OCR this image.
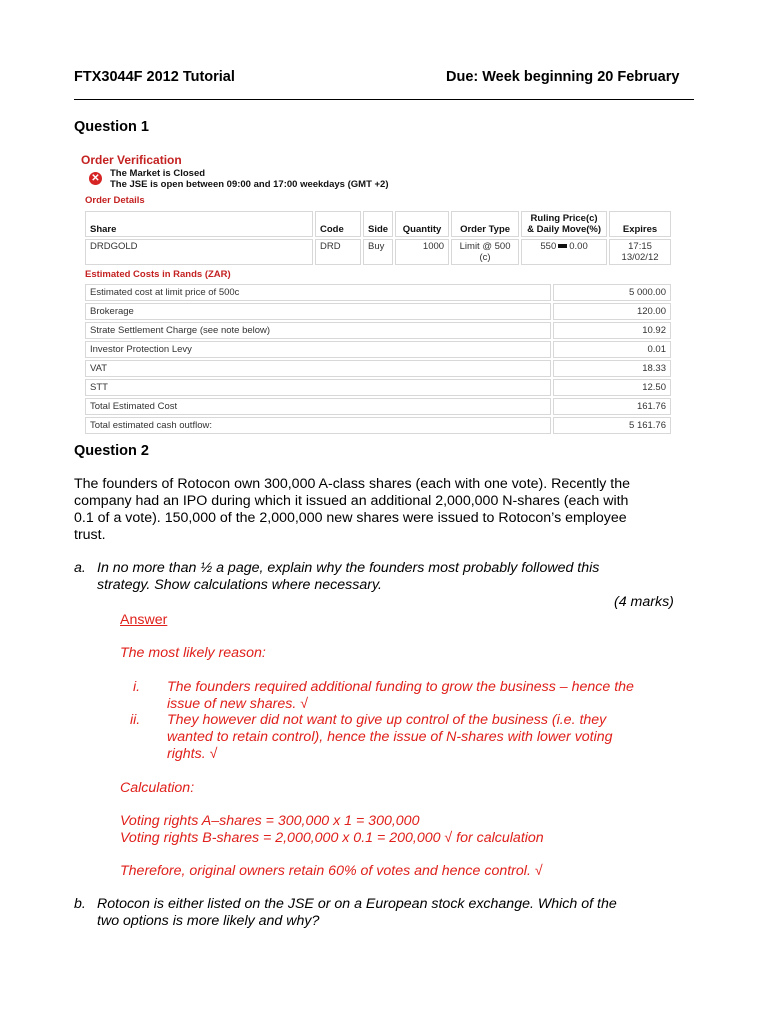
FTX3044F 2012 Tutorial	Due: Week beginning 20 February
Question 1
Order Verification
✕ The Market is Closed
The JSE is open between 09:00 and 17:00 weekdays (GMT +2)
Order Details
Share	Code	Side	Quantity	Order Type	Ruling Price(c) & Daily Move(%)	Expires
DRDGOLD	DRD	Buy	1000	Limit @ 500 (c)	550 0.00	17:15
13/02/12
Estimated Costs in Rands (ZAR)
Estimated cost at limit price of 500c	5 000.00
Brokerage	120.00
Strate Settlement Charge (see note below)	10.92
Investor Protection Levy	0.01
VAT	18.33
STT	12.50
Total Estimated Cost	161.76
Total estimated cash outflow:	5 161.76
Question 2
The founders of Rotocon own 300,000 A-class shares (each with one vote). Recently the
company had an IPO during which it issued an additional 2,000,000 N-shares (each with
0.1 of a vote). 150,000 of the 2,000,000 new shares were issued to Rotocon’s employee
trust.
a. In no more than ½ a page, explain why the founders most probably followed this
strategy. Show calculations where necessary.
(4 marks)
Answer
The most likely reason:
i. The founders required additional funding to grow the business – hence the
issue of new shares. √
ii. They however did not want to give up control of the business (i.e. they
wanted to retain control), hence the issue of N-shares with lower voting
rights. √
Calculation:
Voting rights A–shares = 300,000 x 1 = 300,000
Voting rights B-shares = 2,000,000 x 0.1 = 200,000 √ for calculation
Therefore, original owners retain 60% of votes and hence control. √
b. Rotocon is either listed on the JSE or on a European stock exchange. Which of the
two options is more likely and why?
